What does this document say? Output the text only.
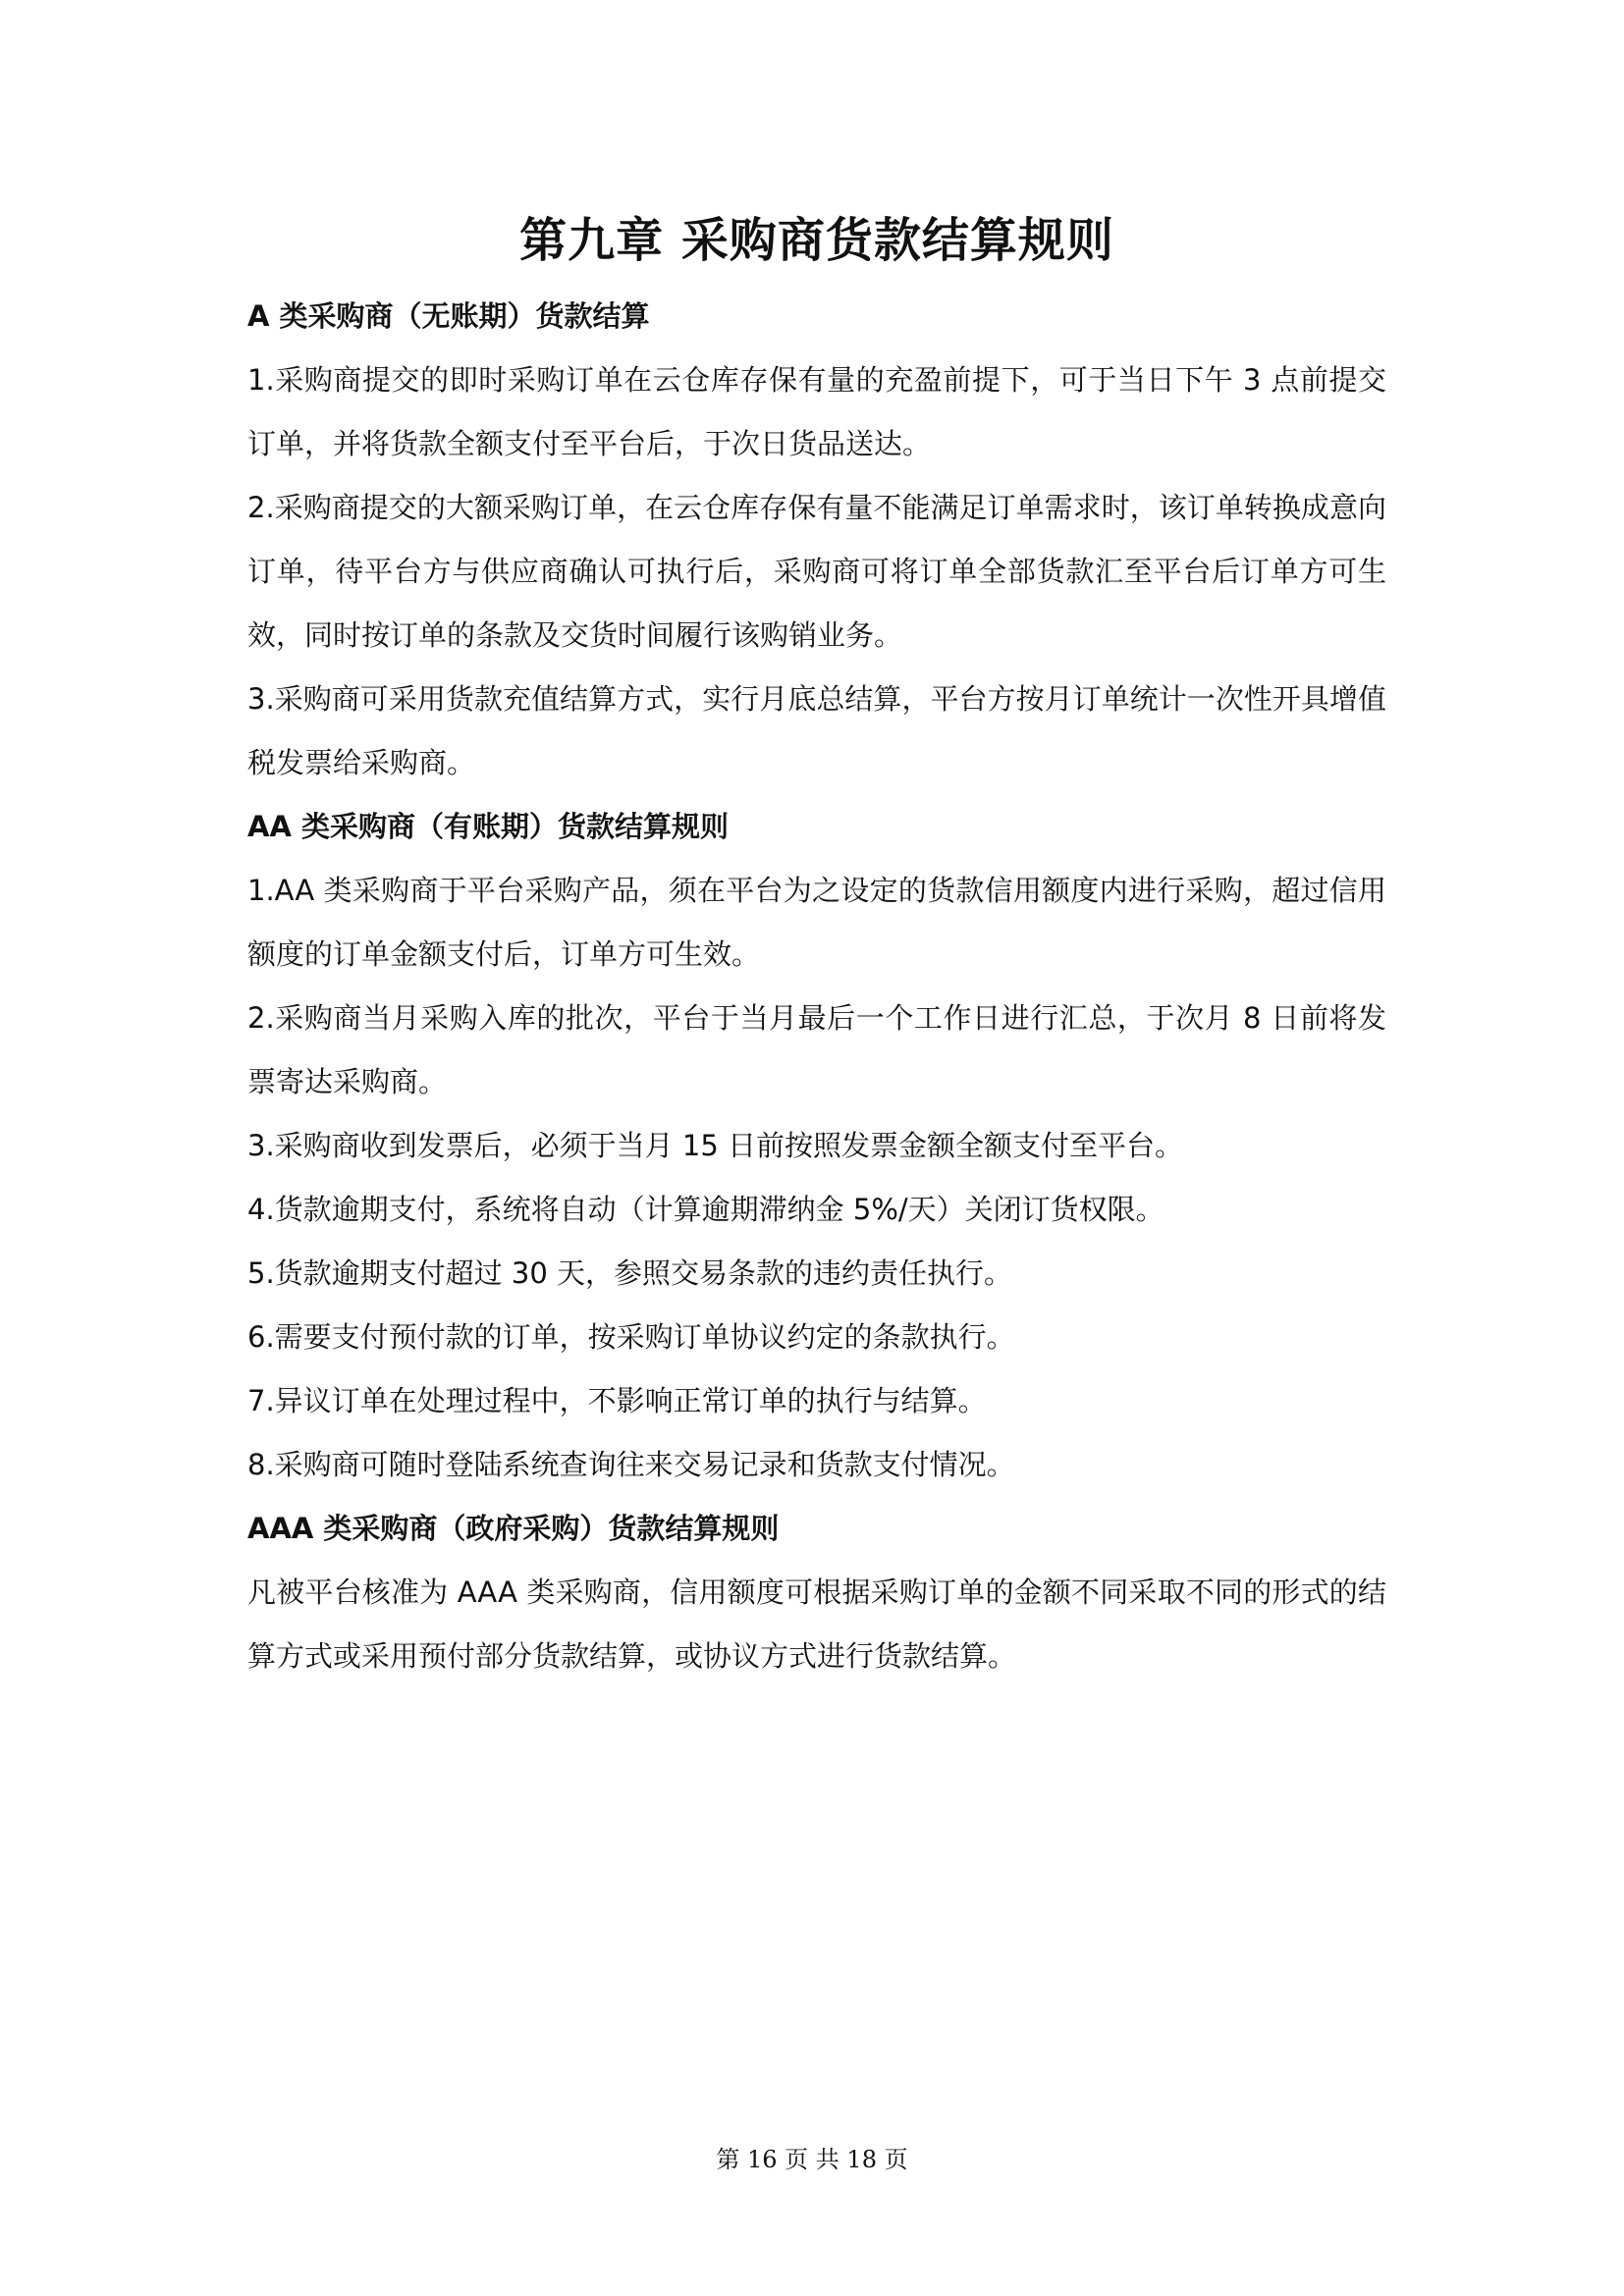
第九章 采购商货款结算规则

A 类采购商（无账期）货款结算

1.采购商提交的即时采购订单在云仓库存保有量的充盈前提下，可于当日下午 3 点前提交订单，并将货款全额支付至平台后，于次日货品送达。

2.采购商提交的大额采购订单，在云仓库存保有量不能满足订单需求时，该订单转换成意向订单，待平台方与供应商确认可执行后，采购商可将订单全部货款汇至平台后订单方可生效，同时按订单的条款及交货时间履行该购销业务。

3.采购商可采用货款充值结算方式，实行月底总结算，平台方按月订单统计一次性开具增值税发票给采购商。

AA 类采购商（有账期）货款结算规则

1.AA 类采购商于平台采购产品，须在平台为之设定的货款信用额度内进行采购，超过信用额度的订单金额支付后，订单方可生效。

2.采购商当月采购入库的批次，平台于当月最后一个工作日进行汇总，于次月 8 日前将发票寄达采购商。

3.采购商收到发票后，必须于当月 15 日前按照发票金额全额支付至平台。

4.货款逾期支付，系统将自动（计算逾期滞纳金 5%/天）关闭订货权限。

5.货款逾期支付超过 30 天，参照交易条款的违约责任执行。

6.需要支付预付款的订单，按采购订单协议约定的条款执行。

7.异议订单在处理过程中，不影响正常订单的执行与结算。

8.采购商可随时登陆系统查询往来交易记录和货款支付情况。

AAA 类采购商（政府采购）货款结算规则

凡被平台核准为 AAA 类采购商，信用额度可根据采购订单的金额不同采取不同的形式的结算方式或采用预付部分货款结算，或协议方式进行货款结算。

第 16 页 共 18 页
